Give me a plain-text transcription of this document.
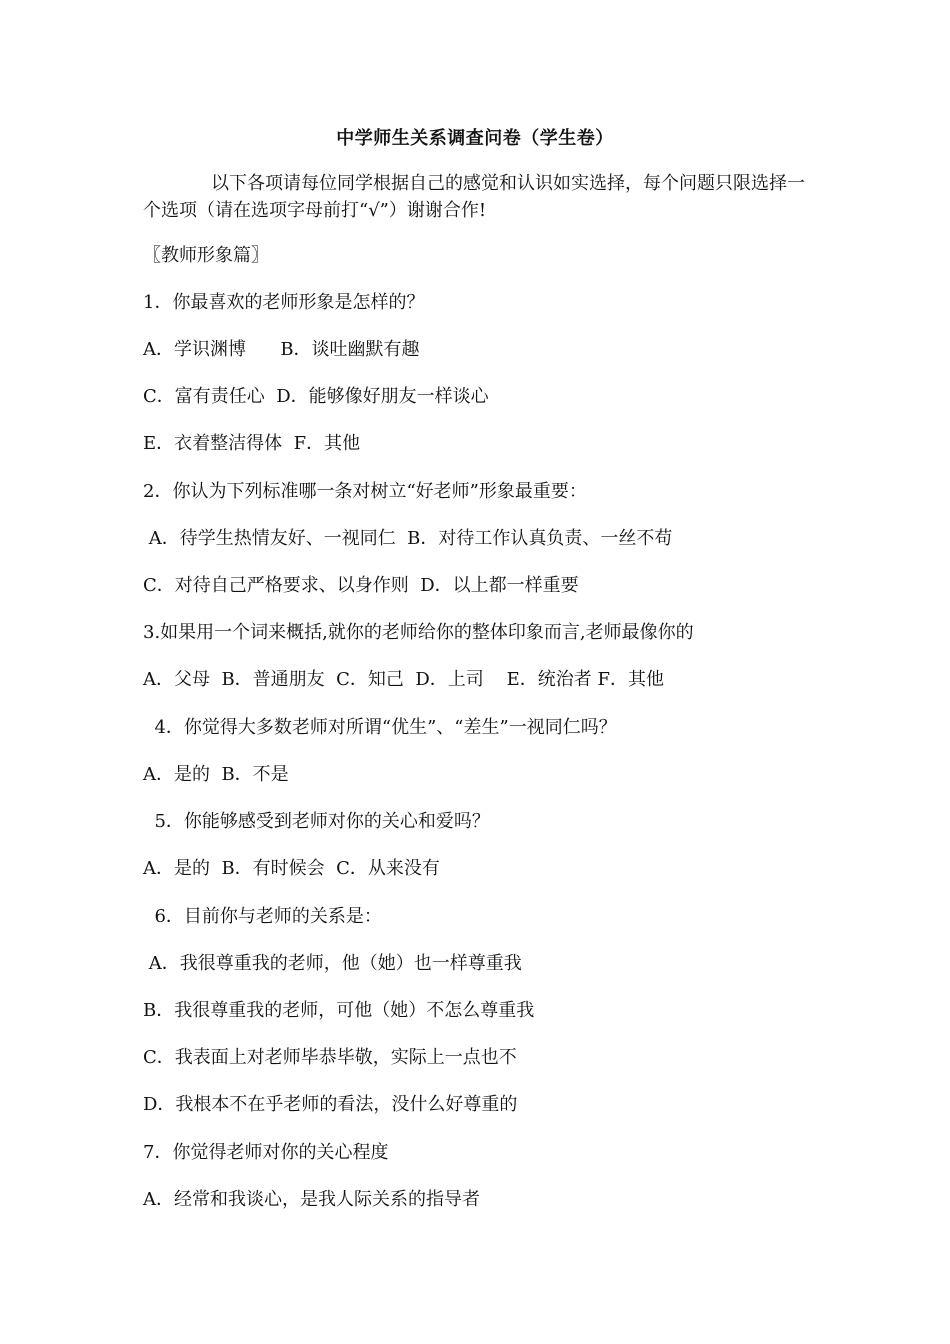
中学师生关系调查问卷（学生卷）
以下各项请每位同学根据自己的感觉和认识如实选择，每个问题只限选择一个选项（请在选项字母前打“√”）谢谢合作!
〖教师形象篇〗
1．你最喜欢的老师形象是怎样的？
A．学识渊博      B．谈吐幽默有趣
C．富有责任心  D．能够像好朋友一样谈心
E．衣着整洁得体  F．其他
2．你认为下列标准哪一条对树立“好老师”形象最重要：
A．待学生热情友好、一视同仁  B．对待工作认真负责、一丝不苟
C．对待自己严格要求、以身作则  D．以上都一样重要
3.如果用一个词来概括,就你的老师给你的整体印象而言,老师最像你的
A．父母  B．普通朋友  C．知己  D．上司    E．统治者 F．其他
4．你觉得大多数老师对所谓“优生”、“差生”一视同仁吗？
A．是的  B．不是
5．你能够感受到老师对你的关心和爱吗？
A．是的  B．有时候会  C．从来没有
6．目前你与老师的关系是：
A．我很尊重我的老师，他（她）也一样尊重我
B．我很尊重我的老师，可他（她）不怎么尊重我
C．我表面上对老师毕恭毕敬，实际上一点也不
D．我根本不在乎老师的看法，没什么好尊重的
7．你觉得老师对你的关心程度
A．经常和我谈心，是我人际关系的指导者
